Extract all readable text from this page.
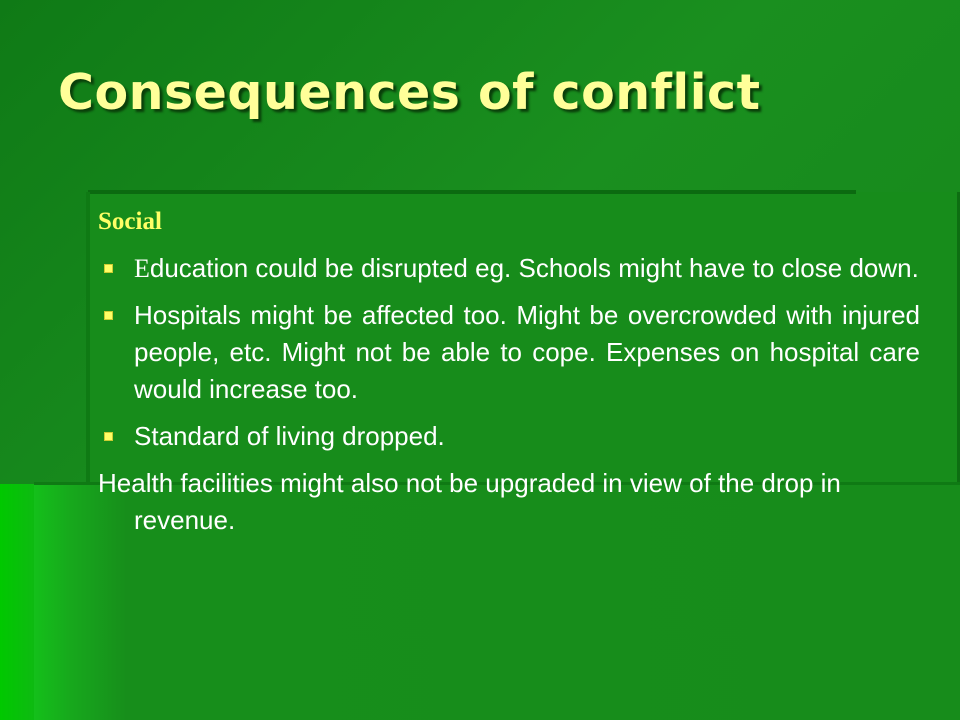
Consequences of conflict
Social
Education could be disrupted eg. Schools might have to close down.
Hospitals might be affected too. Might be overcrowded with injured people, etc. Might not be able to cope. Expenses on hospital care would increase too.
Standard of living dropped.
Health facilities might also not be upgraded in view of the drop in revenue.
